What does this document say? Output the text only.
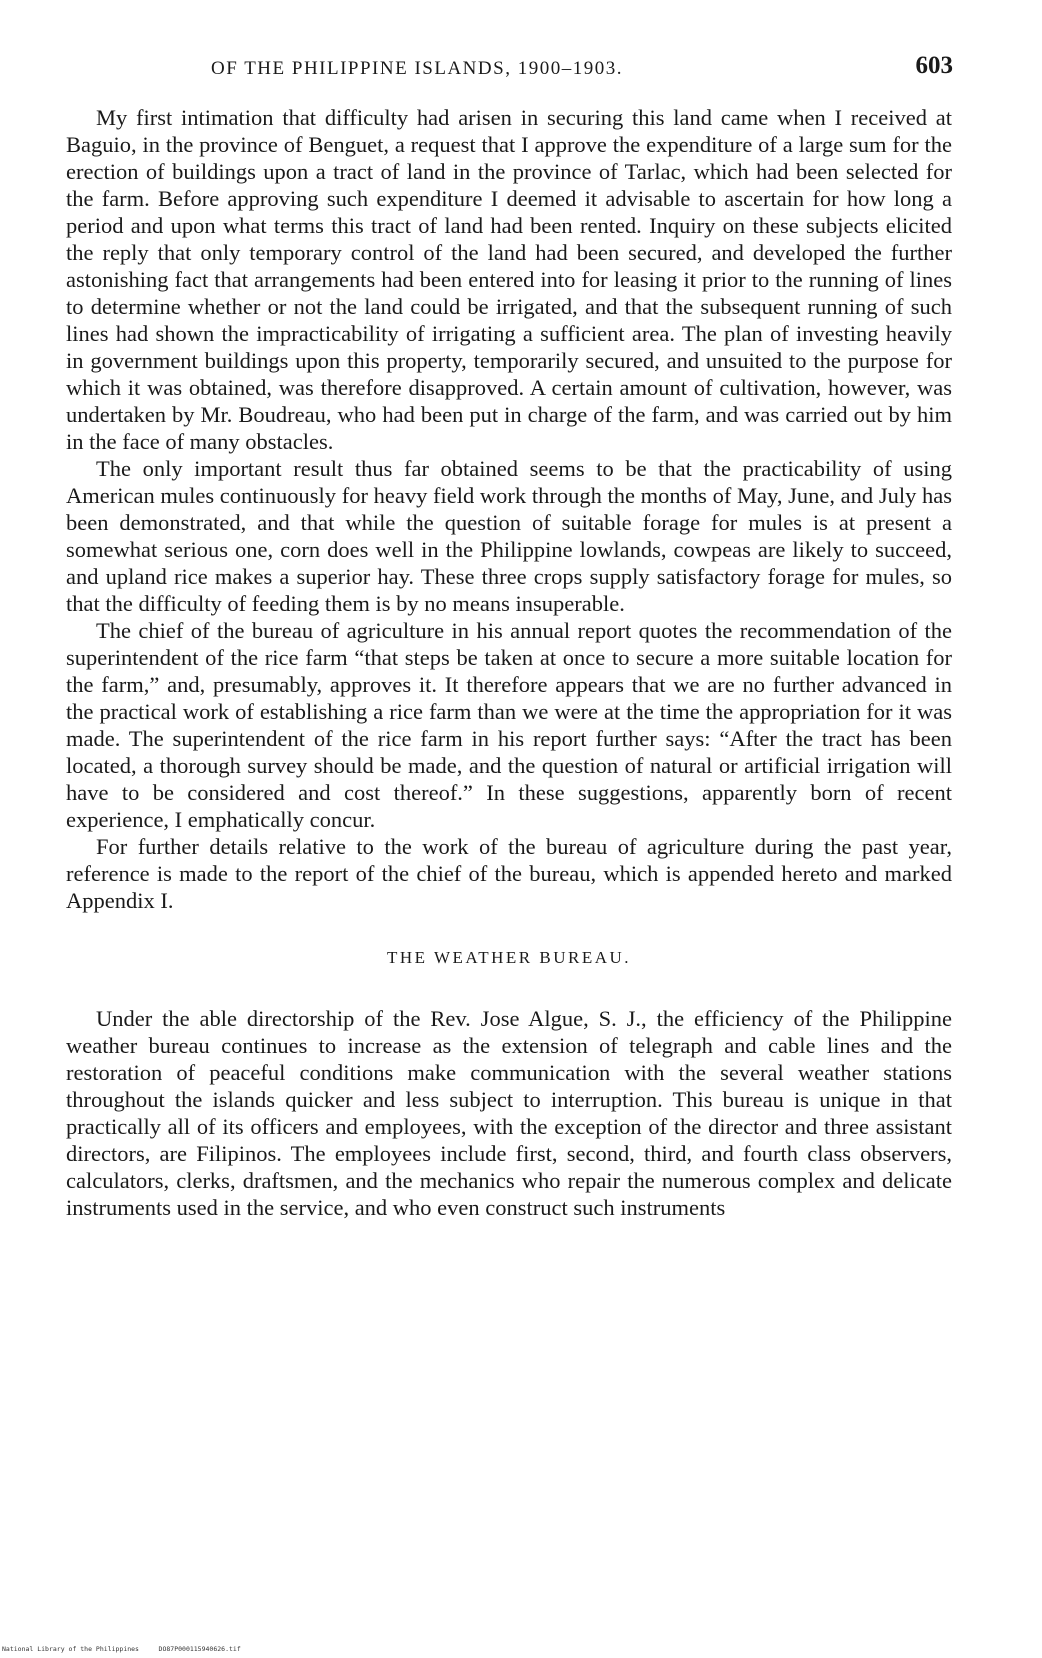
OF THE PHILIPPINE ISLANDS, 1900–1903.	603

My first intimation that difficulty had arisen in securing this land came when I received at Baguio, in the province of Benguet, a request that I approve the expenditure of a large sum for the erection of buildings upon a tract of land in the province of Tarlac, which had been selected for the farm. Before approving such expenditure I deemed it advisable to ascertain for how long a period and upon what terms this tract of land had been rented. Inquiry on these subjects elicited the reply that only temporary control of the land had been secured, and developed the further astonishing fact that arrangements had been entered into for leasing it prior to the running of lines to determine whether or not the land could be irrigated, and that the subsequent running of such lines had shown the impracticability of irrigating a sufficient area. The plan of investing heavily in government buildings upon this property, temporarily secured, and unsuited to the purpose for which it was obtained, was therefore disapproved. A certain amount of cultivation, however, was undertaken by Mr. Boudreau, who had been put in charge of the farm, and was carried out by him in the face of many obstacles.

The only important result thus far obtained seems to be that the practicability of using American mules continuously for heavy field work through the months of May, June, and July has been demonstrated, and that while the question of suitable forage for mules is at present a somewhat serious one, corn does well in the Philippine lowlands, cowpeas are likely to succeed, and upland rice makes a superior hay. These three crops supply satisfactory forage for mules, so that the difficulty of feeding them is by no means insuperable.

The chief of the bureau of agriculture in his annual report quotes the recommendation of the superintendent of the rice farm “that steps be taken at once to secure a more suitable location for the farm,” and, presumably, approves it. It therefore appears that we are no further advanced in the practical work of establishing a rice farm than we were at the time the appropriation for it was made. The superintendent of the rice farm in his report further says: “After the tract has been located, a thorough survey should be made, and the question of natural or artificial irrigation will have to be considered and cost thereof.” In these suggestions, apparently born of recent experience, I emphatically concur.

For further details relative to the work of the bureau of agriculture during the past year, reference is made to the report of the chief of the bureau, which is appended hereto and marked Appendix I.

THE WEATHER BUREAU.

Under the able directorship of the Rev. Jose Algue, S. J., the efficiency of the Philippine weather bureau continues to increase as the extension of telegraph and cable lines and the restoration of peaceful conditions make communication with the several weather stations throughout the islands quicker and less subject to interruption. This bureau is unique in that practically all of its officers and employees, with the exception of the director and three assistant directors, are Filipinos. The employees include first, second, third, and fourth class observers, calculators, clerks, draftsmen, and the mechanics who repair the numerous complex and delicate instruments used in the service, and who even construct such instruments

National Library of the Philippines	DO87P000115940626.tif
